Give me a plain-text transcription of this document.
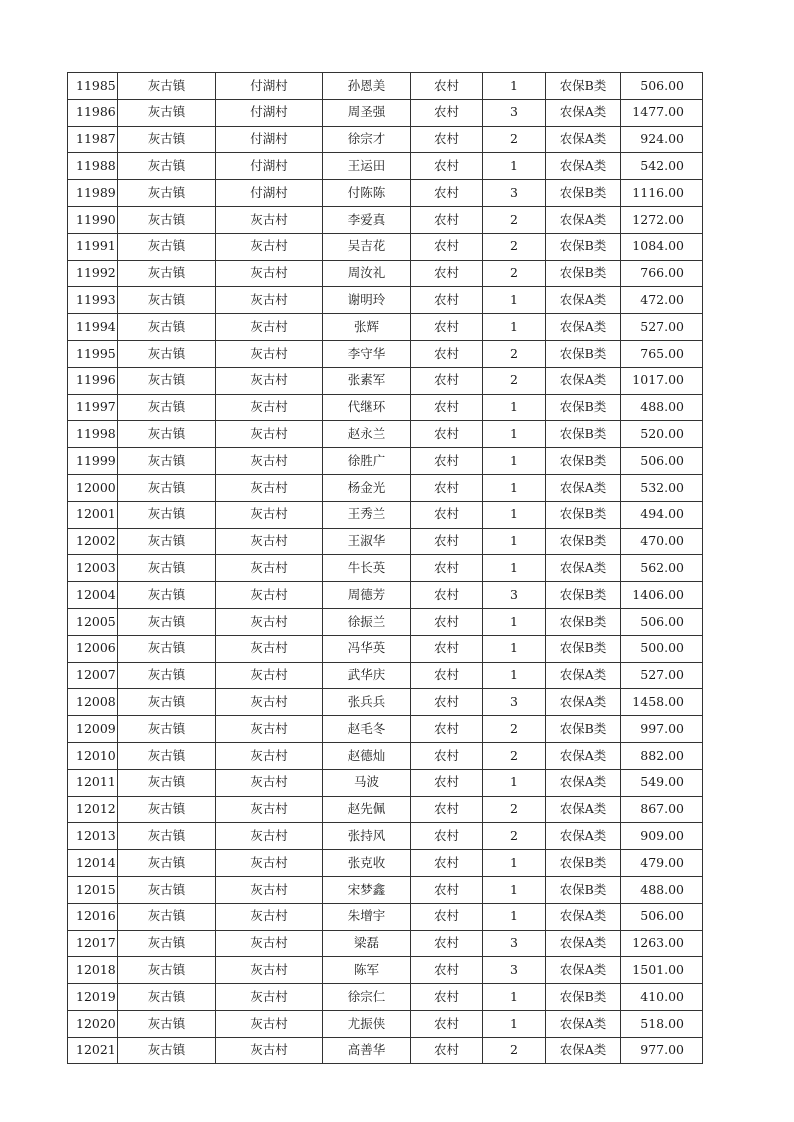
11985	灰古镇	付湖村	孙恩美	农村	1	农保B类	506.00
11986	灰古镇	付湖村	周圣强	农村	3	农保A类	1477.00
11987	灰古镇	付湖村	徐宗才	农村	2	农保A类	924.00
11988	灰古镇	付湖村	王运田	农村	1	农保A类	542.00
11989	灰古镇	付湖村	付陈陈	农村	3	农保B类	1116.00
11990	灰古镇	灰古村	李爱真	农村	2	农保A类	1272.00
11991	灰古镇	灰古村	吴吉花	农村	2	农保B类	1084.00
11992	灰古镇	灰古村	周汝礼	农村	2	农保B类	766.00
11993	灰古镇	灰古村	谢明玲	农村	1	农保A类	472.00
11994	灰古镇	灰古村	张辉	农村	1	农保A类	527.00
11995	灰古镇	灰古村	李守华	农村	2	农保B类	765.00
11996	灰古镇	灰古村	张素军	农村	2	农保A类	1017.00
11997	灰古镇	灰古村	代继环	农村	1	农保B类	488.00
11998	灰古镇	灰古村	赵永兰	农村	1	农保B类	520.00
11999	灰古镇	灰古村	徐胜广	农村	1	农保B类	506.00
12000	灰古镇	灰古村	杨金光	农村	1	农保A类	532.00
12001	灰古镇	灰古村	王秀兰	农村	1	农保B类	494.00
12002	灰古镇	灰古村	王淑华	农村	1	农保B类	470.00
12003	灰古镇	灰古村	牛长英	农村	1	农保A类	562.00
12004	灰古镇	灰古村	周德芳	农村	3	农保B类	1406.00
12005	灰古镇	灰古村	徐振兰	农村	1	农保B类	506.00
12006	灰古镇	灰古村	冯华英	农村	1	农保B类	500.00
12007	灰古镇	灰古村	武华庆	农村	1	农保A类	527.00
12008	灰古镇	灰古村	张兵兵	农村	3	农保A类	1458.00
12009	灰古镇	灰古村	赵毛冬	农村	2	农保B类	997.00
12010	灰古镇	灰古村	赵德灿	农村	2	农保A类	882.00
12011	灰古镇	灰古村	马波	农村	1	农保A类	549.00
12012	灰古镇	灰古村	赵先佩	农村	2	农保A类	867.00
12013	灰古镇	灰古村	张持风	农村	2	农保A类	909.00
12014	灰古镇	灰古村	张克收	农村	1	农保B类	479.00
12015	灰古镇	灰古村	宋梦鑫	农村	1	农保B类	488.00
12016	灰古镇	灰古村	朱增宇	农村	1	农保A类	506.00
12017	灰古镇	灰古村	梁磊	农村	3	农保A类	1263.00
12018	灰古镇	灰古村	陈军	农村	3	农保A类	1501.00
12019	灰古镇	灰古村	徐宗仁	农村	1	农保B类	410.00
12020	灰古镇	灰古村	尤振侠	农村	1	农保A类	518.00
12021	灰古镇	灰古村	高善华	农村	2	农保A类	977.00
